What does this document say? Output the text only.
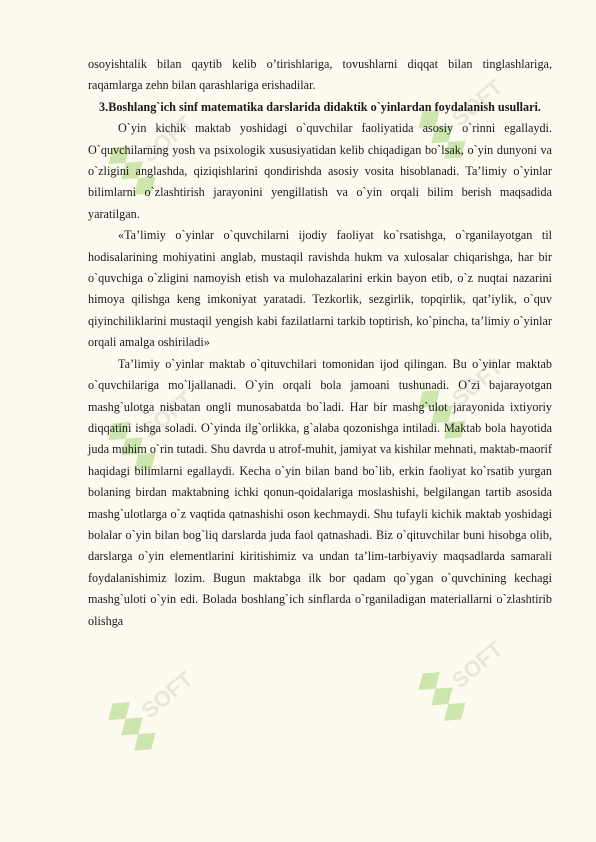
SOFT
SOFT
SOFT
SOFT
SOFT
SOFT

osoyishtalik bilan qaytib kelib o’tirishlariga, tovushlarni diqqat bilan tinglashlariga, raqamlarga zehn bilan qarashlariga erishadilar.

3.Boshlang`ich sinf matematika darslarida didaktik o`yinlardan foydalanish usullari.

O`yin kichik maktab yoshidagi o`quvchilar faoliyatida asosiy o`rinni egallaydi. O`quvchilarning yosh va psixologik xususiyatidan kelib chiqadigan bo`lsak, o`yin dunyoni va o`zligini anglashda, qiziqishlarini qondirishda asosiy vosita hisoblanadi. Ta’limiy o`yinlar bilimlarni o`zlashtirish jarayonini yengillatish va o`yin orqali bilim berish maqsadida yaratilgan.

«Ta’limiy o`yinlar o`quvchilarni ijodiy faoliyat ko`rsatishga, o`rganilayotgan til hodisalarining mohiyatini anglab, mustaqil ravishda hukm va xulosalar chiqarishga, har bir o`quvchiga o`zligini namoyish etish va mulohazalarini erkin bayon etib, o`z nuqtai nazarini himoya qilishga keng imkoniyat yaratadi. Tezkorlik, sezgirlik, topqirlik, qat’iylik, o`quv qiyinchiliklarini mustaqil yengish kabi fazilatlarni tarkib toptirish, ko`pincha, ta’limiy o`yinlar orqali amalga oshiriladi»

Ta’limiy o`yinlar maktab o`qituvchilari tomonidan ijod qilingan. Bu o`yinlar maktab o`quvchilariga mo`ljallanadi. O`yin orqali bola jamoani tushunadi. O`zi bajarayotgan mashg`ulotga nisbatan ongli munosabatda bo`ladi. Har bir mashg`ulot jarayonida ixtiyoriy diqqatini ishga soladi. O`yinda ilg`orlikka, g`alaba qozonishga intiladi. Maktab bola hayotida juda muhim o`rin tutadi. Shu davrda u atrof-muhit, jamiyat va kishilar mehnati, maktab-maorif haqidagi bilimlarni egallaydi. Kecha o`yin bilan band bo`lib, erkin faoliyat ko`rsatib yurgan bolaning birdan maktabning ichki qonun-qoidalariga moslashishi, belgilangan tartib asosida mashg`ulotlarga o`z vaqtida qatnashishi oson kechmaydi. Shu tufayli kichik maktab yoshidagi bolalar o`yin bilan bog`liq darslarda juda faol qatnashadi. Biz o`qituvchilar buni hisobga olib, darslarga o`yin elementlarini kiritishimiz va undan ta’lim-tarbiyaviy maqsadlarda samarali foydalanishimiz lozim. Bugun maktabga ilk bor qadam qo`ygan o`quvchining kechagi mashg`uloti o`yin edi. Bolada boshlang`ich sinflarda o`rganiladigan materiallarni o`zlashtirib olishga
